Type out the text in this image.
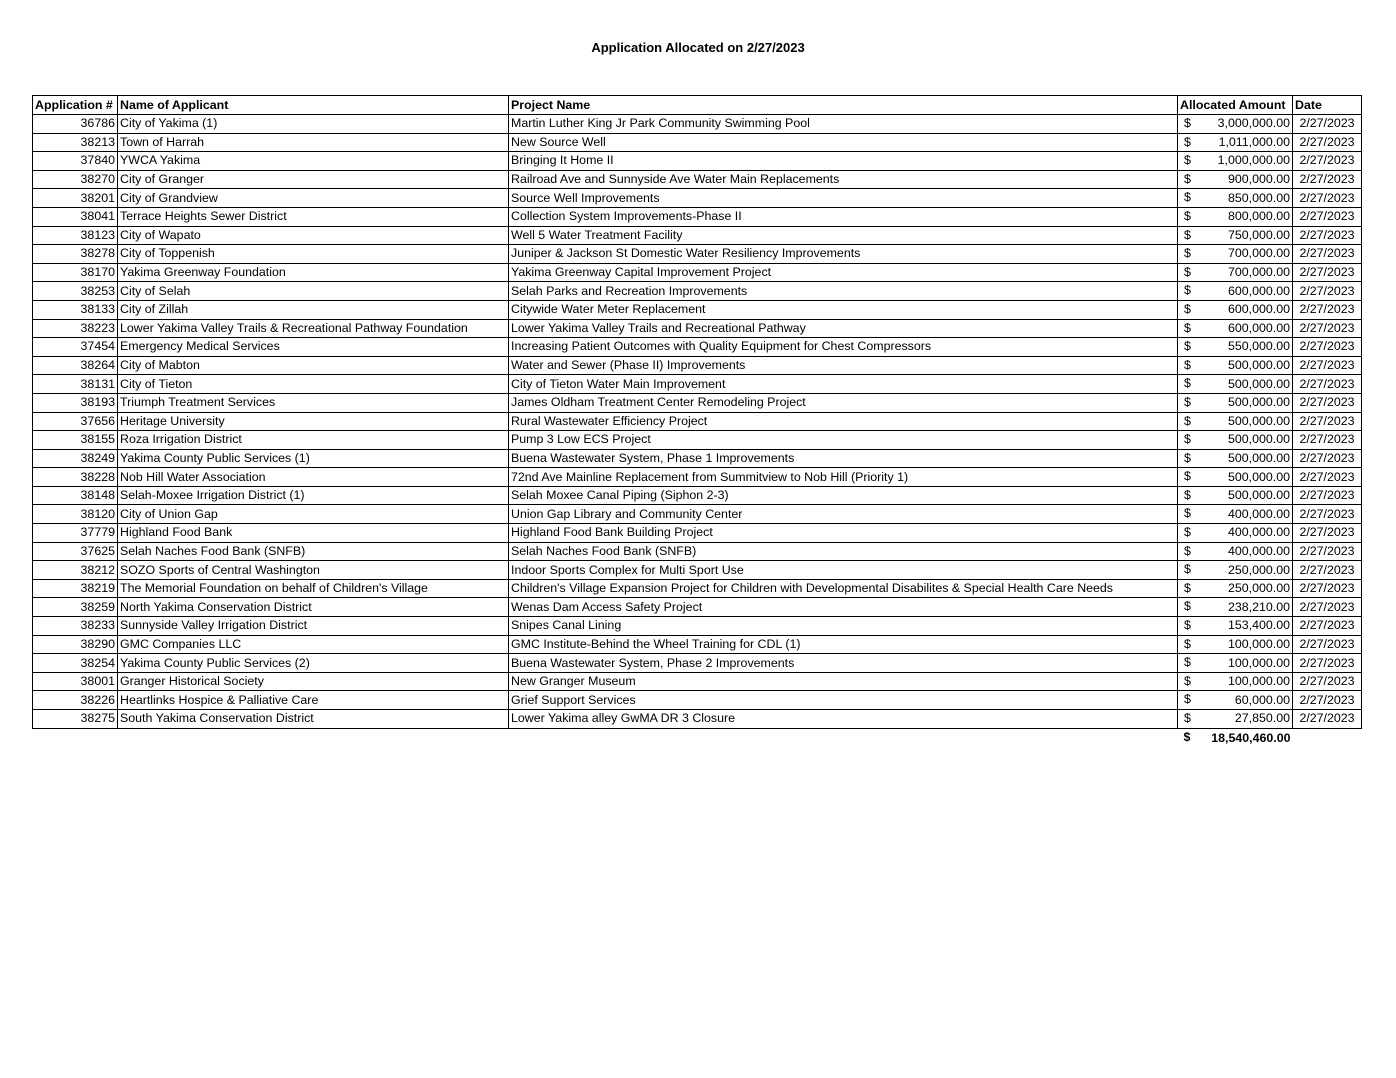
Application Allocated on 2/27/2023
Application #	Name of Applicant	Project Name	Allocated Amount	Date
36786	City of Yakima (1)	Martin Luther King Jr Park Community Swimming Pool	$ 3,000,000.00	2/27/2023
38213	Town of Harrah	New Source Well	$ 1,011,000.00	2/27/2023
37840	YWCA Yakima	Bringing It Home II	$ 1,000,000.00	2/27/2023
38270	City of Granger	Railroad Ave and Sunnyside Ave Water Main Replacements	$ 900,000.00	2/27/2023
38201	City of Grandview	Source Well Improvements	$ 850,000.00	2/27/2023
38041	Terrace Heights Sewer District	Collection System Improvements-Phase II	$ 800,000.00	2/27/2023
38123	City of Wapato	Well 5 Water Treatment Facility	$ 750,000.00	2/27/2023
38278	City of Toppenish	Juniper & Jackson St Domestic Water Resiliency Improvements	$ 700,000.00	2/27/2023
38170	Yakima Greenway Foundation	Yakima Greenway Capital Improvement Project	$ 700,000.00	2/27/2023
38253	City of Selah	Selah Parks and Recreation Improvements	$ 600,000.00	2/27/2023
38133	City of Zillah	Citywide Water Meter Replacement	$ 600,000.00	2/27/2023
38223	Lower Yakima Valley Trails & Recreational Pathway Foundation	Lower Yakima Valley Trails and Recreational Pathway	$ 600,000.00	2/27/2023
37454	Emergency Medical Services	Increasing Patient Outcomes with Quality Equipment for Chest Compressors	$ 550,000.00	2/27/2023
38264	City of Mabton	Water and Sewer (Phase II) Improvements	$ 500,000.00	2/27/2023
38131	City of Tieton	City of Tieton Water Main Improvement	$ 500,000.00	2/27/2023
38193	Triumph Treatment Services	James Oldham Treatment Center Remodeling Project	$ 500,000.00	2/27/2023
37656	Heritage University	Rural Wastewater Efficiency Project	$ 500,000.00	2/27/2023
38155	Roza Irrigation District	Pump 3 Low ECS Project	$ 500,000.00	2/27/2023
38249	Yakima County Public Services (1)	Buena Wastewater System, Phase 1 Improvements	$ 500,000.00	2/27/2023
38228	Nob Hill Water Association	72nd Ave Mainline Replacement from Summitview to Nob Hill (Priority 1)	$ 500,000.00	2/27/2023
38148	Selah-Moxee Irrigation District (1)	Selah Moxee Canal Piping (Siphon 2-3)	$ 500,000.00	2/27/2023
38120	City of Union Gap	Union Gap Library and Community Center	$ 400,000.00	2/27/2023
37779	Highland Food Bank	Highland Food Bank Building Project	$ 400,000.00	2/27/2023
37625	Selah Naches Food Bank (SNFB)	Selah Naches Food Bank (SNFB)	$ 400,000.00	2/27/2023
38212	SOZO Sports of Central Washington	Indoor Sports Complex for Multi Sport Use	$ 250,000.00	2/27/2023
38219	The Memorial Foundation on behalf of Children's Village	Children's Village Expansion Project for Children with Developmental Disabilites & Special Health Care Needs	$ 250,000.00	2/27/2023
38259	North Yakima Conservation District	Wenas Dam Access Safety Project	$ 238,210.00	2/27/2023
38233	Sunnyside Valley Irrigation District	Snipes Canal Lining	$ 153,400.00	2/27/2023
38290	GMC Companies LLC	GMC Institute-Behind the Wheel Training for CDL (1)	$ 100,000.00	2/27/2023
38254	Yakima County Public Services (2)	Buena Wastewater System, Phase 2 Improvements	$ 100,000.00	2/27/2023
38001	Granger Historical Society	New Granger Museum	$ 100,000.00	2/27/2023
38226	Heartlinks Hospice & Palliative Care	Grief Support Services	$ 60,000.00	2/27/2023
38275	South Yakima Conservation District	Lower Yakima alley GwMA DR 3 Closure	$ 27,850.00	2/27/2023

			$ 18,540,460.00	
